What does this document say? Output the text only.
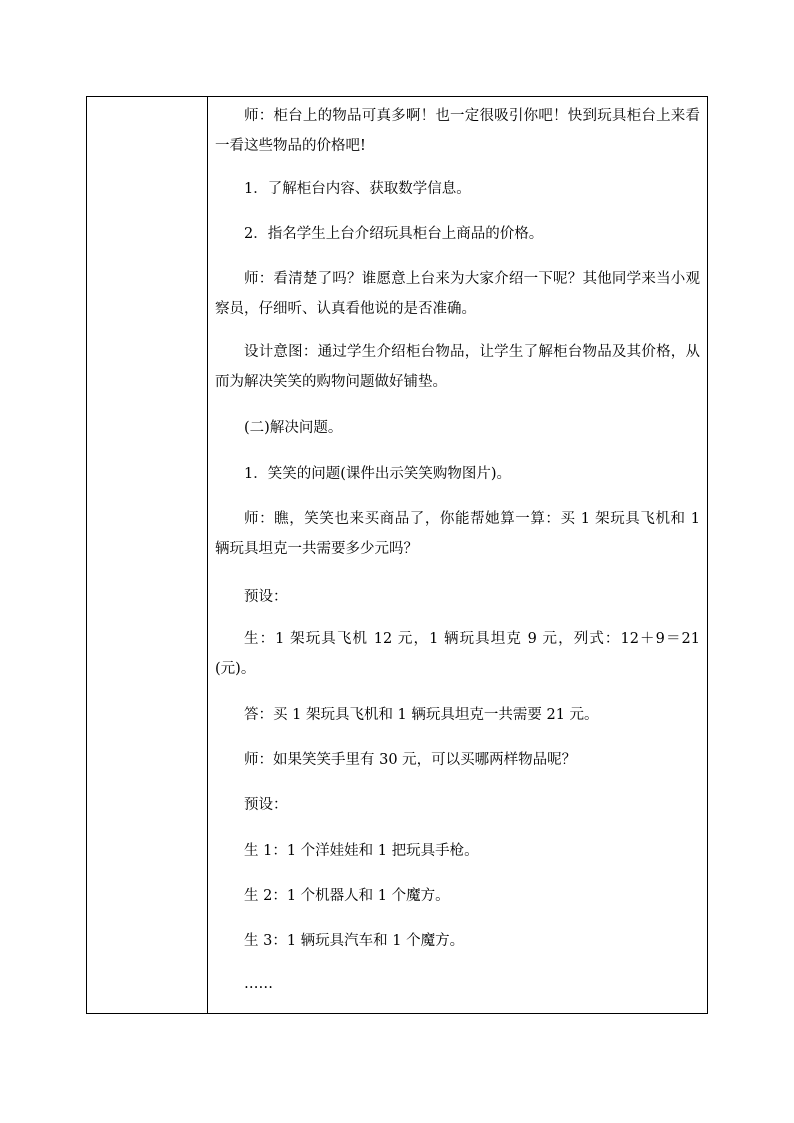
师：柜台上的物品可真多啊！也一定很吸引你吧！快到玩具柜台上来看一看这些物品的价格吧!

1．了解柜台内容、获取数学信息。

2．指名学生上台介绍玩具柜台上商品的价格。

师：看清楚了吗？谁愿意上台来为大家介绍一下呢？其他同学来当小观察员，仔细听、认真看他说的是否准确。

设计意图：通过学生介绍柜台物品，让学生了解柜台物品及其价格，从而为解决笑笑的购物问题做好铺垫。

(二)解决问题。

1．笑笑的问题(课件出示笑笑购物图片)。

师：瞧，笑笑也来买商品了，你能帮她算一算：买 1 架玩具飞机和 1 辆玩具坦克一共需要多少元吗？

预设：

生：1 架玩具飞机 12 元，1 辆玩具坦克 9 元，列式：12＋9＝21(元)。

答：买 1 架玩具飞机和 1 辆玩具坦克一共需要 21 元。

师：如果笑笑手里有 30 元，可以买哪两样物品呢？

预设：

生 1：1 个洋娃娃和 1 把玩具手枪。

生 2：1 个机器人和 1 个魔方。

生 3：1 辆玩具汽车和 1 个魔方。

……
